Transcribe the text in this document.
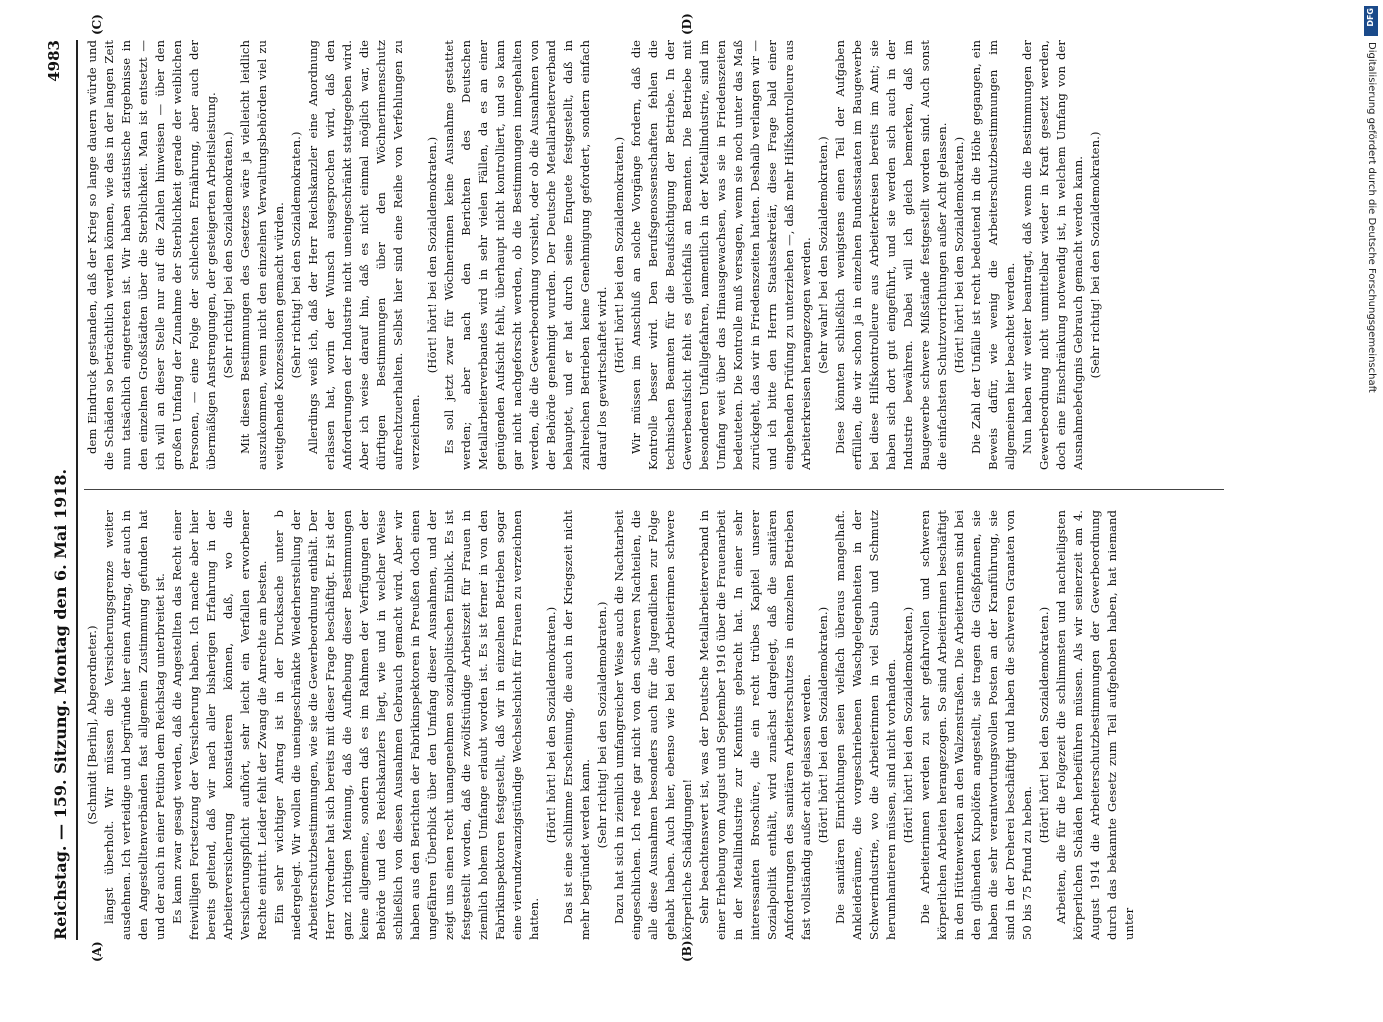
Reichstag. — 159. Sitzung. Montag den 6. Mai 1918.
4983
(A)	(B)
(C)	(D)

(Schmidt [Berlin], Abgeordneter.) längst überholt. Wir müssen die Versicherungsgrenze weiter ausdehnen. Ich verteidige und begründe hier einen Antrag, der auch in den Angestelltenverbänden fast allgemein Zustimmung gefunden hat und der auch in einer Petition dem Reichstag unterbreitet ist. Es kann zwar gesagt werden, daß die Angestellten das Recht einer freiwilligen Fortsetzung der Versicherung haben. Ich mache aber hier bereits geltend, daß wir nach aller bisherigen Erfahrung in der Arbeiterversicherung konstatieren können, daß, wo die Versicherungspflicht aufhört, sehr leicht ein Verfallen erworbener Rechte eintritt. Leider fehlt der Zwang die Anrechte am besten. Ein sehr wichtiger Antrag ist in der Drucksache unter b niedergelegt. Wir wollen die uneingeschränkte Wiederherstellung der Arbeiterschutzbestimmungen, wie sie die Gewerbeordnung enthält. Der Herr Vorredner hat sich bereits mit dieser Frage beschäftigt. Er ist der ganz richtigen Meinung, daß die Aufhebung dieser Bestimmungen keine allgemeine, sondern daß es im Rahmen der Verfügungen der Behörde und des Reichskanzlers liegt, wie und in welcher Weise schließlich von diesen Ausnahmen Gebrauch gemacht wird. Aber wir haben aus den Berichten der Fabrikinspektoren in Preußen doch einen ungefähren Überblick über den Umfang dieser Ausnahmen, und der zeigt uns einen recht unangenehmen sozialpolitischen Einblick. Es ist festgestellt worden, daß die zwölfstündige Arbeitszeit für Frauen in ziemlich hohem Umfange erlaubt worden ist. Es ist ferner in von den Fabrikinspektoren festgestellt, daß wir in einzelnen Betrieben sogar eine vierundzwanzigstündige Wechselschicht für Frauen zu verzeichnen hatten.

(Hört! hört! bei den Sozialdemokraten.) Das ist eine schlimme Erscheinung, die auch in der Kriegszeit nicht mehr begründet werden kann.

(Sehr richtig! bei den Sozialdemokraten.) Dazu hat sich in ziemlich umfangreicher Weise auch die Nachtarbeit eingeschlichen. Ich rede gar nicht von den schweren Nachteilen, die alle diese Ausnahmen besonders auch für die Jugendlichen zur Folge gehabt haben. Auch hier, ebenso wie bei den Arbeiterinnen schwere körperliche Schädigungen! Sehr beachtenswert ist, was der Deutsche Metallarbeiterverband in einer Erhebung vom August und September 1916 über die Frauenarbeit in der Metallindustrie zur Kenntnis gebracht hat. In einer sehr interessanten Broschüre, die ein recht trübes Kapitel unserer Sozialpolitik enthält, wird zunächst dargelegt, daß die sanitären Anforderungen des sanitären Arbeiterschutzes in einzelnen Betrieben fast vollständig außer acht gelassen werden. (Hört! hört! bei den Sozialdemokraten.) Die sanitären Einrichtungen seien vielfach überaus mangelhaft. Ankleideräume, die vorgeschriebenen Waschgelegenheiten in der Schwerindustrie, wo die Arbeiterinnen in viel Staub und Schmutz herumhantieren müssen, sind nicht vorhanden. (Hört! hört! bei den Sozialdemokraten.) Die Arbeiterinnen werden zu sehr gefahrvollen und schweren körperlichen Arbeiten herangezogen. So sind Arbeiterinnen beschäftigt in den Hüttenwerken an den Walzenstraßen. Die Arbeiterinnen sind bei den glühenden Kupolöfen angestellt, sie tragen die Gießpfannen, sie haben die sehr verantwortungsvollen Posten an der Kranführung, sie sind in der Dreherei beschäftigt und haben die schweren Granaten von 50 bis 75 Pfund zu heben.

(Hört! hört! bei den Sozialdemokraten.) Arbeiten, die für die Folgezeit die schlimmsten und nachteiligsten körperlichen Schäden herbeiführen müssen. Als wir seinerzeit am 4. August 1914 die Arbeiterschutzbestimmungen der Gewerbeordnung durch das bekannte Gesetz zum Teil aufgehoben haben, hat niemand unter

dem Eindruck gestanden, daß der Krieg so lange dauern würde und die Schäden so beträchtlich werden können, wie das in der langen Zeit nun tatsächlich eingetreten ist. Wir haben statistische Ergebnisse in den einzelnen Großstädten über die Sterblichkeit. Man ist entsetzt — ich will an dieser Stelle nur auf die Zahlen hinweisen — über den großen Umfang der Zunahme der Sterblichkeit gerade der weiblichen Personen, — eine Folge der schlechten Ernährung, aber auch der übermäßigen Anstrengungen, der gesteigerten Arbeitsleistung. (Sehr richtig! bei den Sozialdemokraten.) Mit diesen Bestimmungen des Gesetzes wäre ja vielleicht leidlich auszukommen, wenn nicht den einzelnen Verwaltungsbehörden viel zu weitgehende Konzessionen gemacht würden. (Sehr richtig! bei den Sozialdemokraten.) Allerdings weiß ich, daß der Herr Reichskanzler eine Anordnung erlassen hat, worin der Wunsch ausgesprochen wird, daß den Anforderungen der Industrie nicht uneingeschränkt stattgegeben wird. Aber ich weise darauf hin, daß es nicht einmal möglich war, die dürftigen Bestimmungen über den Wöchnerinnenschutz aufrechtzuerhalten. Selbst hier sind eine Reihe von Verfehlungen zu verzeichnen.

(Hört! hört! bei den Sozialdemokraten.) Es soll jetzt zwar für Wöchnerinnen keine Ausnahme gestattet werden; aber nach den Berichten des Deutschen Metallarbeiterverbandes wird in sehr vielen Fällen, da es an einer genügenden Aufsicht fehlt, überhaupt nicht kontrolliert, und so kann gar nicht nachgeforscht werden, ob die Bestimmungen innegehalten werden, die die Gewerbeordnung vorsieht, oder ob die Ausnahmen von der Behörde genehmigt wurden. Der Deutsche Metallarbeiterverband behauptet, und er hat durch seine Enquete festgestellt, daß in zahlreichen Betrieben keine Genehmigung gefordert, sondern einfach darauf los gewirtschaftet wird.

(Hört! hört! bei den Sozialdemokraten.) Wir müssen im Anschluß an solche Vorgänge fordern, daß die Kontrolle besser wird. Den Berufsgenossenschaften fehlen die technischen Beamten für die Beaufsichtigung der Betriebe. In der Gewerbeaufsicht fehlt es gleichfalls an Beamten. Die Betriebe mit besonderen Unfallgefahren, namentlich in der Metallindustrie, sind im Umfang weit über das Hinausgewachsen, was sie in Friedenszeiten bedeuteten. Die Kontrolle muß versagen, wenn sie noch unter das Maß zurückgeht, das wir in Friedenszeiten hatten. Deshalb verlangen wir — und ich bitte den Herrn Staatssekretär, diese Frage bald einer eingehenden Prüfung zu unterziehen —, daß mehr Hilfskontrolleure aus Arbeiterkreisen herangezogen werden. (Sehr wahr! bei den Sozialdemokraten.) Diese könnten schließlich wenigstens einen Teil der Aufgaben erfüllen, die wir schon ja in einzelnen Bundesstaaten im Baugewerbe bei diese Hilfskontrolleure aus Arbeiterkreisen bereits im Amt; sie haben sich dort gut eingeführt, und sie werden sich auch in der Industrie bewähren. Dabei will ich gleich bemerken, daß im Baugewerbe schwere Mißstände festgestellt worden sind. Auch sonst die einfachsten Schutzvorrichtungen außer Acht gelassen. (Hört! hört! bei den Sozialdemokraten.) Die Zahl der Unfälle ist recht bedeutend in die Höhe gegangen, ein Beweis dafür, wie wenig die Arbeiterschutzbestimmungen im allgemeinen hier beachtet werden. Nun haben wir weiter beantragt, daß wenn die Bestimmungen der Gewerbeordnung nicht unmittelbar wieder in Kraft gesetzt werden, doch eine Einschränkung notwendig ist, in welchem Umfang von der Ausnahmebefugnis Gebrauch gemacht werden kann. (Sehr richtig! bei den Sozialdemokraten.)

DFG
Digitalisierung gefördert durch die Deutsche Forschungsgemeinschaft
